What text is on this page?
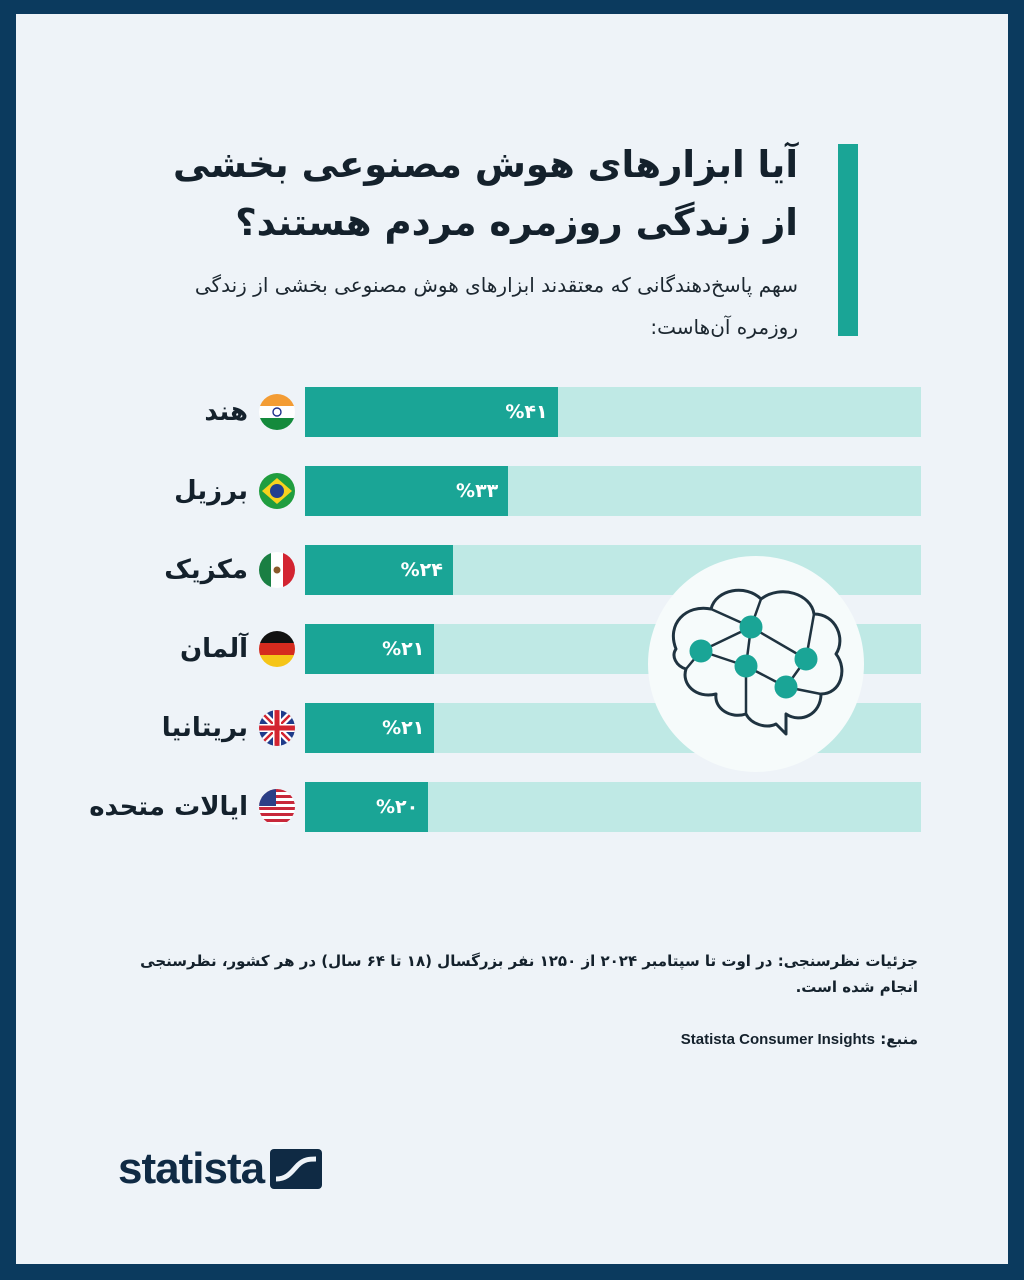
آیا ابزارهای هوش مصنوعی بخشی از زندگی روزمره مردم هستند؟

سهم پاسخ‌دهندگانی که معتقدند ابزارهای هوش مصنوعی بخشی از زندگی روزمره آن‌هاست:

%۴۱
هند
%۳۳
برزیل
%۲۴
مکزیک
%۲۱
آلمان
%۲۱
بریتانیا
%۲۰
ایالات متحده

جزئیات نظرسنجی: در اوت تا سپتامبر ۲۰۲۴ از ۱۲۵۰ نفر بزرگسال (۱۸ تا ۶۴ سال) در هر کشور، نظرسنجی انجام شده است.

منبع: Statista Consumer Insights

statista
